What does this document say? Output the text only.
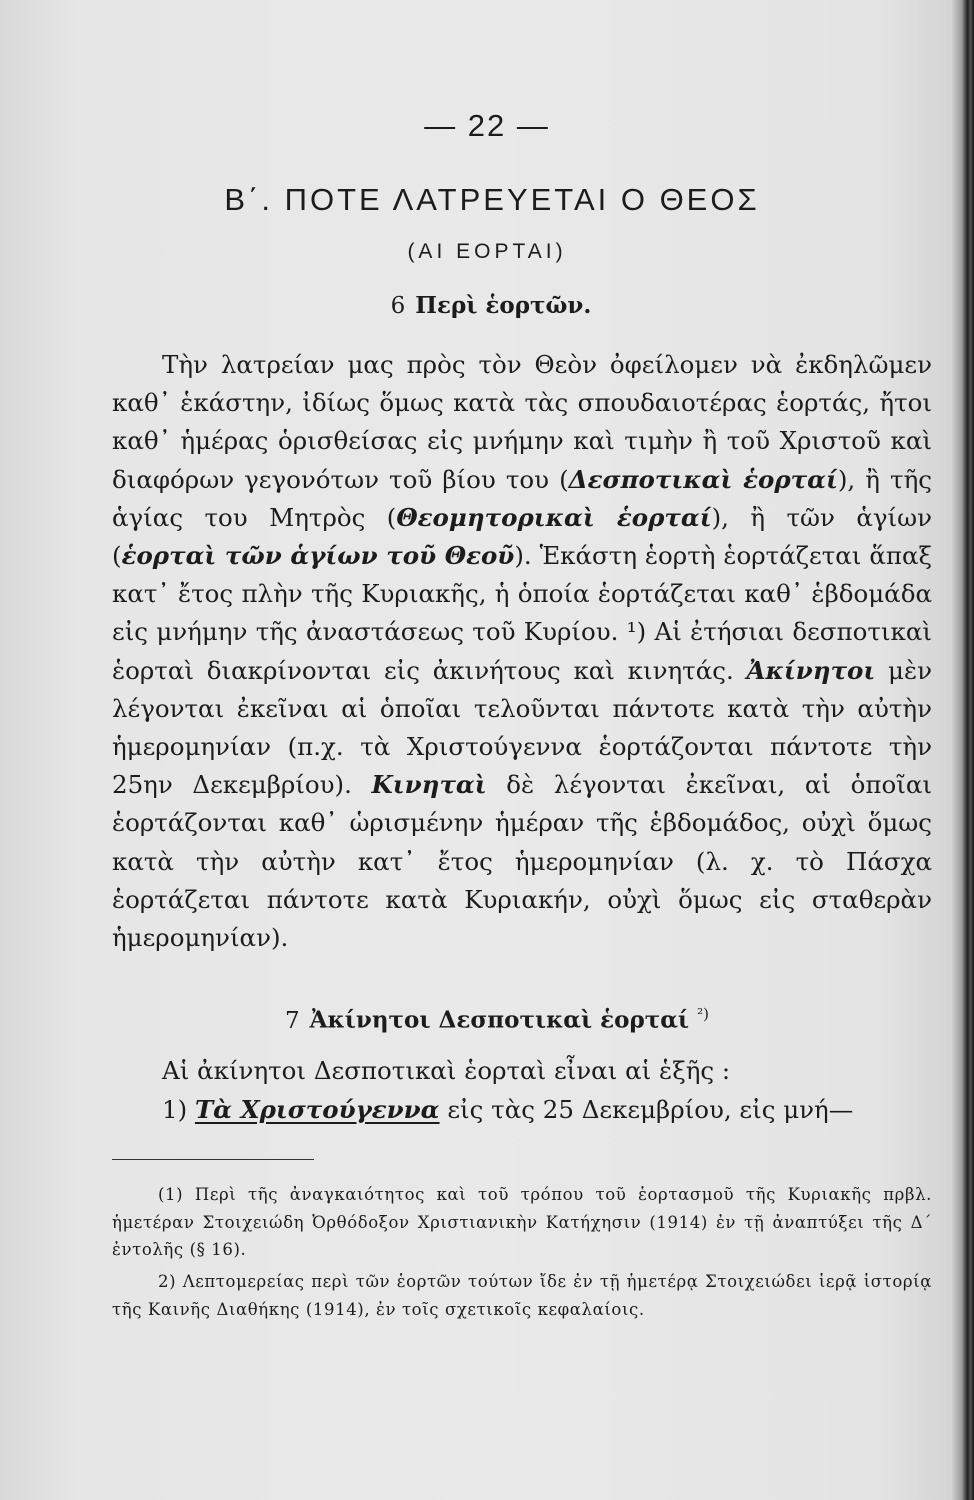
— 22 —
Β΄. ΠΟΤΕ ΛΑΤΡΕΥΕΤΑΙ Ο ΘΕΟΣ
(ΑΙ ΕΟΡΤΑΙ)
6 Περὶ ἑορτῶν.

Τὴν λατρείαν μας πρὸς τὸν Θεὸν ὀφείλομεν νὰ ἐκδηλῶμεν καθ᾽ ἑκάστην, ἰδίως ὅμως κατὰ τὰς σπουδαιοτέρας ἑορτάς, ἤτοι καθ᾽ ἡμέρας ὁρισθείσας εἰς μνήμην καὶ τιμὴν ἢ τοῦ Χριστοῦ καὶ διαφόρων γεγονότων τοῦ βίου του (Δεσποτικαὶ ἑορταί), ἢ τῆς ἁγίας του Μητρὸς (Θεομητορικαὶ ἑορταί), ἢ τῶν ἁγίων (ἑορταὶ τῶν ἁγίων τοῦ Θεοῦ). Ἑκάστη ἑορτὴ ἑορτάζεται ἅπαξ κατ᾽ ἔτος πλὴν τῆς Κυριακῆς, ἡ ὁποία ἑορτάζεται καθ᾽ ἑβδομάδα εἰς μνήμην τῆς ἀναστάσεως τοῦ Κυρίου. ¹) Αἱ ἐτήσιαι δεσποτικαὶ ἑορταὶ διακρίνονται εἰς ἀκινήτους καὶ κινητάς. Ἀκίνητοι μὲν λέγονται ἐκεῖναι αἱ ὁποῖαι τελοῦνται πάντοτε κατὰ τὴν αὐτὴν ἡμερομηνίαν (π.χ. τὰ Χριστούγεννα ἑορτάζονται πάντοτε τὴν 25ην Δεκεμβρίου). Κινηταὶ δὲ λέγονται ἐκεῖναι, αἱ ὁποῖαι ἑορτάζονται καθ᾽ ὡρισμένην ἡμέραν τῆς ἑβδομάδος, οὐχὶ ὅμως κατὰ τὴν αὐτὴν κατ᾽ ἔτος ἡμερομηνίαν (λ. χ. τὸ Πάσχα ἑορτάζεται πάντοτε κατὰ Κυριακήν, οὐχὶ ὅμως εἰς σταθερὰν ἡμερομηνίαν).

7 Ἀκίνητοι Δεσποτικαὶ ἑορταί $^{^2)}$

Αἱ ἀκίνητοι Δεσποτικαὶ ἑορταὶ εἶναι αἱ ἑξῆς :

1) Τὰ Χριστούγεννα εἰς τὰς 25 Δεκεμβρίου, εἰς μνή—

(1) Περὶ τῆς ἀναγκαιότητος καὶ τοῦ τρόπου τοῦ ἑορτασμοῦ τῆς Κυριακῆς πρβλ. ἡμετέραν Στοιχειώδη Ὀρθόδοξον Χριστιανικὴν Κατήχησιν (1914) ἐν τῇ ἀναπτύξει τῆς Δ΄ ἐντολῆς (§ 16).

2) Λεπτομερείας περὶ τῶν ἑορτῶν τούτων ἴδε ἐν τῇ ἡμετέρᾳ Στοιχειώδει ἱερᾷ ἱστορίᾳ τῆς Καινῆς Διαθήκης (1914), ἐν τοῖς σχετικοῖς κεφαλαίοις.
